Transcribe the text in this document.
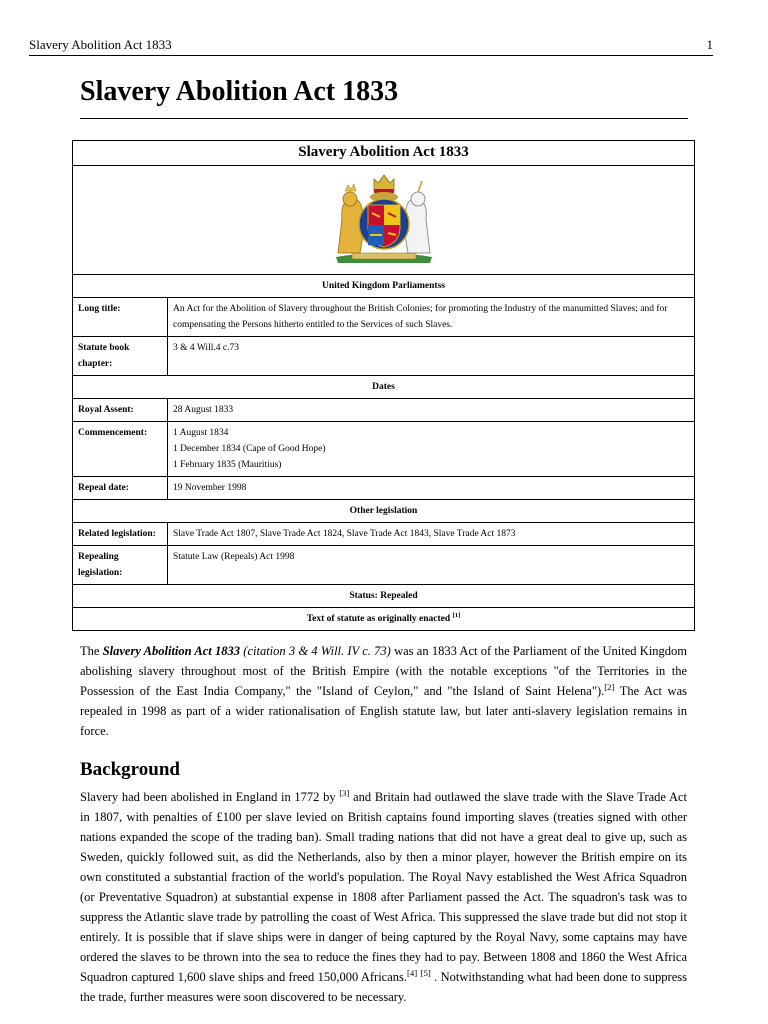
Slavery Abolition Act 1833	1
Slavery Abolition Act 1833
Slavery Abolition Act 1833	

United Kingdom Parliamentss	
Long title:	An Act for the Abolition of Slavery throughout the British Colonies; for promoting the Industry of the manumitted Slaves; and for compensating the Persons hitherto entitled to the Services of such Slaves.
Statute book chapter:	3 & 4 Will.4 c.73
Dates	
Royal Assent:	28 August 1833
Commencement:	1 August 1834
1 December 1834 (Cape of Good Hope)
1 February 1835 (Mauritius)

Repeal date:	19 November 1998
Other legislation	
Related legislation:	Slave Trade Act 1807, Slave Trade Act 1824, Slave Trade Act 1843, Slave Trade Act 1873
Repealing legislation:	Statute Law (Repeals) Act 1998
Status: Repealed	
Text of statute as originally enacted [1]

The Slavery Abolition Act 1833 (citation 3 & 4 Will. IV c. 73) was an 1833 Act of the Parliament of the United Kingdom abolishing slavery throughout most of the British Empire (with the notable exceptions "of the Territories in the Possession of the East India Company," the "Island of Ceylon," and "the Island of Saint Helena").[2] The Act was repealed in 1998 as part of a wider rationalisation of English statute law, but later anti-slavery legislation remains in force.

Background

Slavery had been abolished in England in 1772 by [3] and Britain had outlawed the slave trade with the Slave Trade Act in 1807, with penalties of £100 per slave levied on British captains found importing slaves (treaties signed with other nations expanded the scope of the trading ban). Small trading nations that did not have a great deal to give up, such as Sweden, quickly followed suit, as did the Netherlands, also by then a minor player, however the British empire on its own constituted a substantial fraction of the world's population. The Royal Navy established the West Africa Squadron (or Preventative Squadron) at substantial expense in 1808 after Parliament passed the Act. The squadron's task was to suppress the Atlantic slave trade by patrolling the coast of West Africa. This suppressed the slave trade but did not stop it entirely. It is possible that if slave ships were in danger of being captured by the Royal Navy, some captains may have ordered the slaves to be thrown into the sea to reduce the fines they had to pay. Between 1808 and 1860 the West Africa Squadron captured 1,600 slave ships and freed 150,000 Africans.[4] [5] . Notwithstanding what had been done to suppress the trade, further measures were soon discovered to be necessary.
